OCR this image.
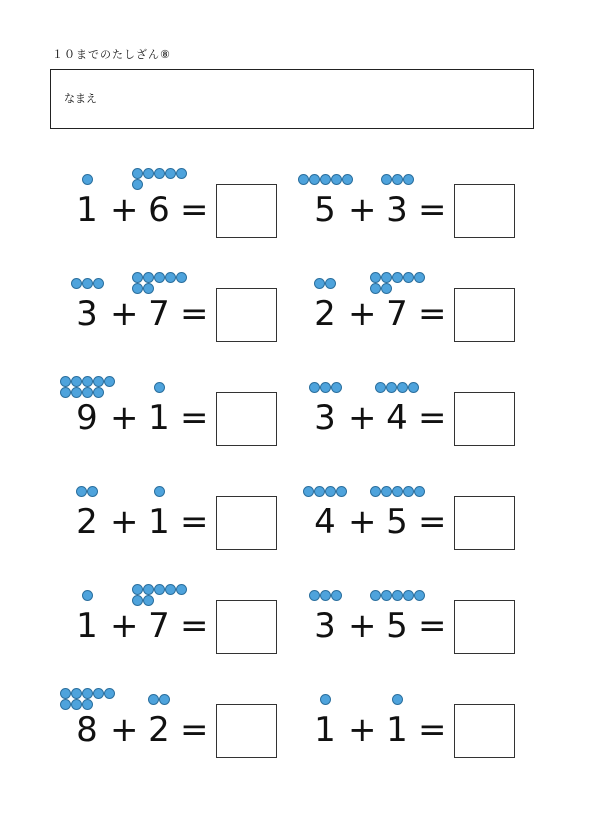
１０までのたしざん⑧
なまえ
1 + 6 =	5 + 3 =
3 + 7 =	2 + 7 =
9 + 1 =	3 + 4 =
2 + 1 =	4 + 5 =
1 + 7 =	3 + 5 =
8 + 2 =	1 + 1 =
